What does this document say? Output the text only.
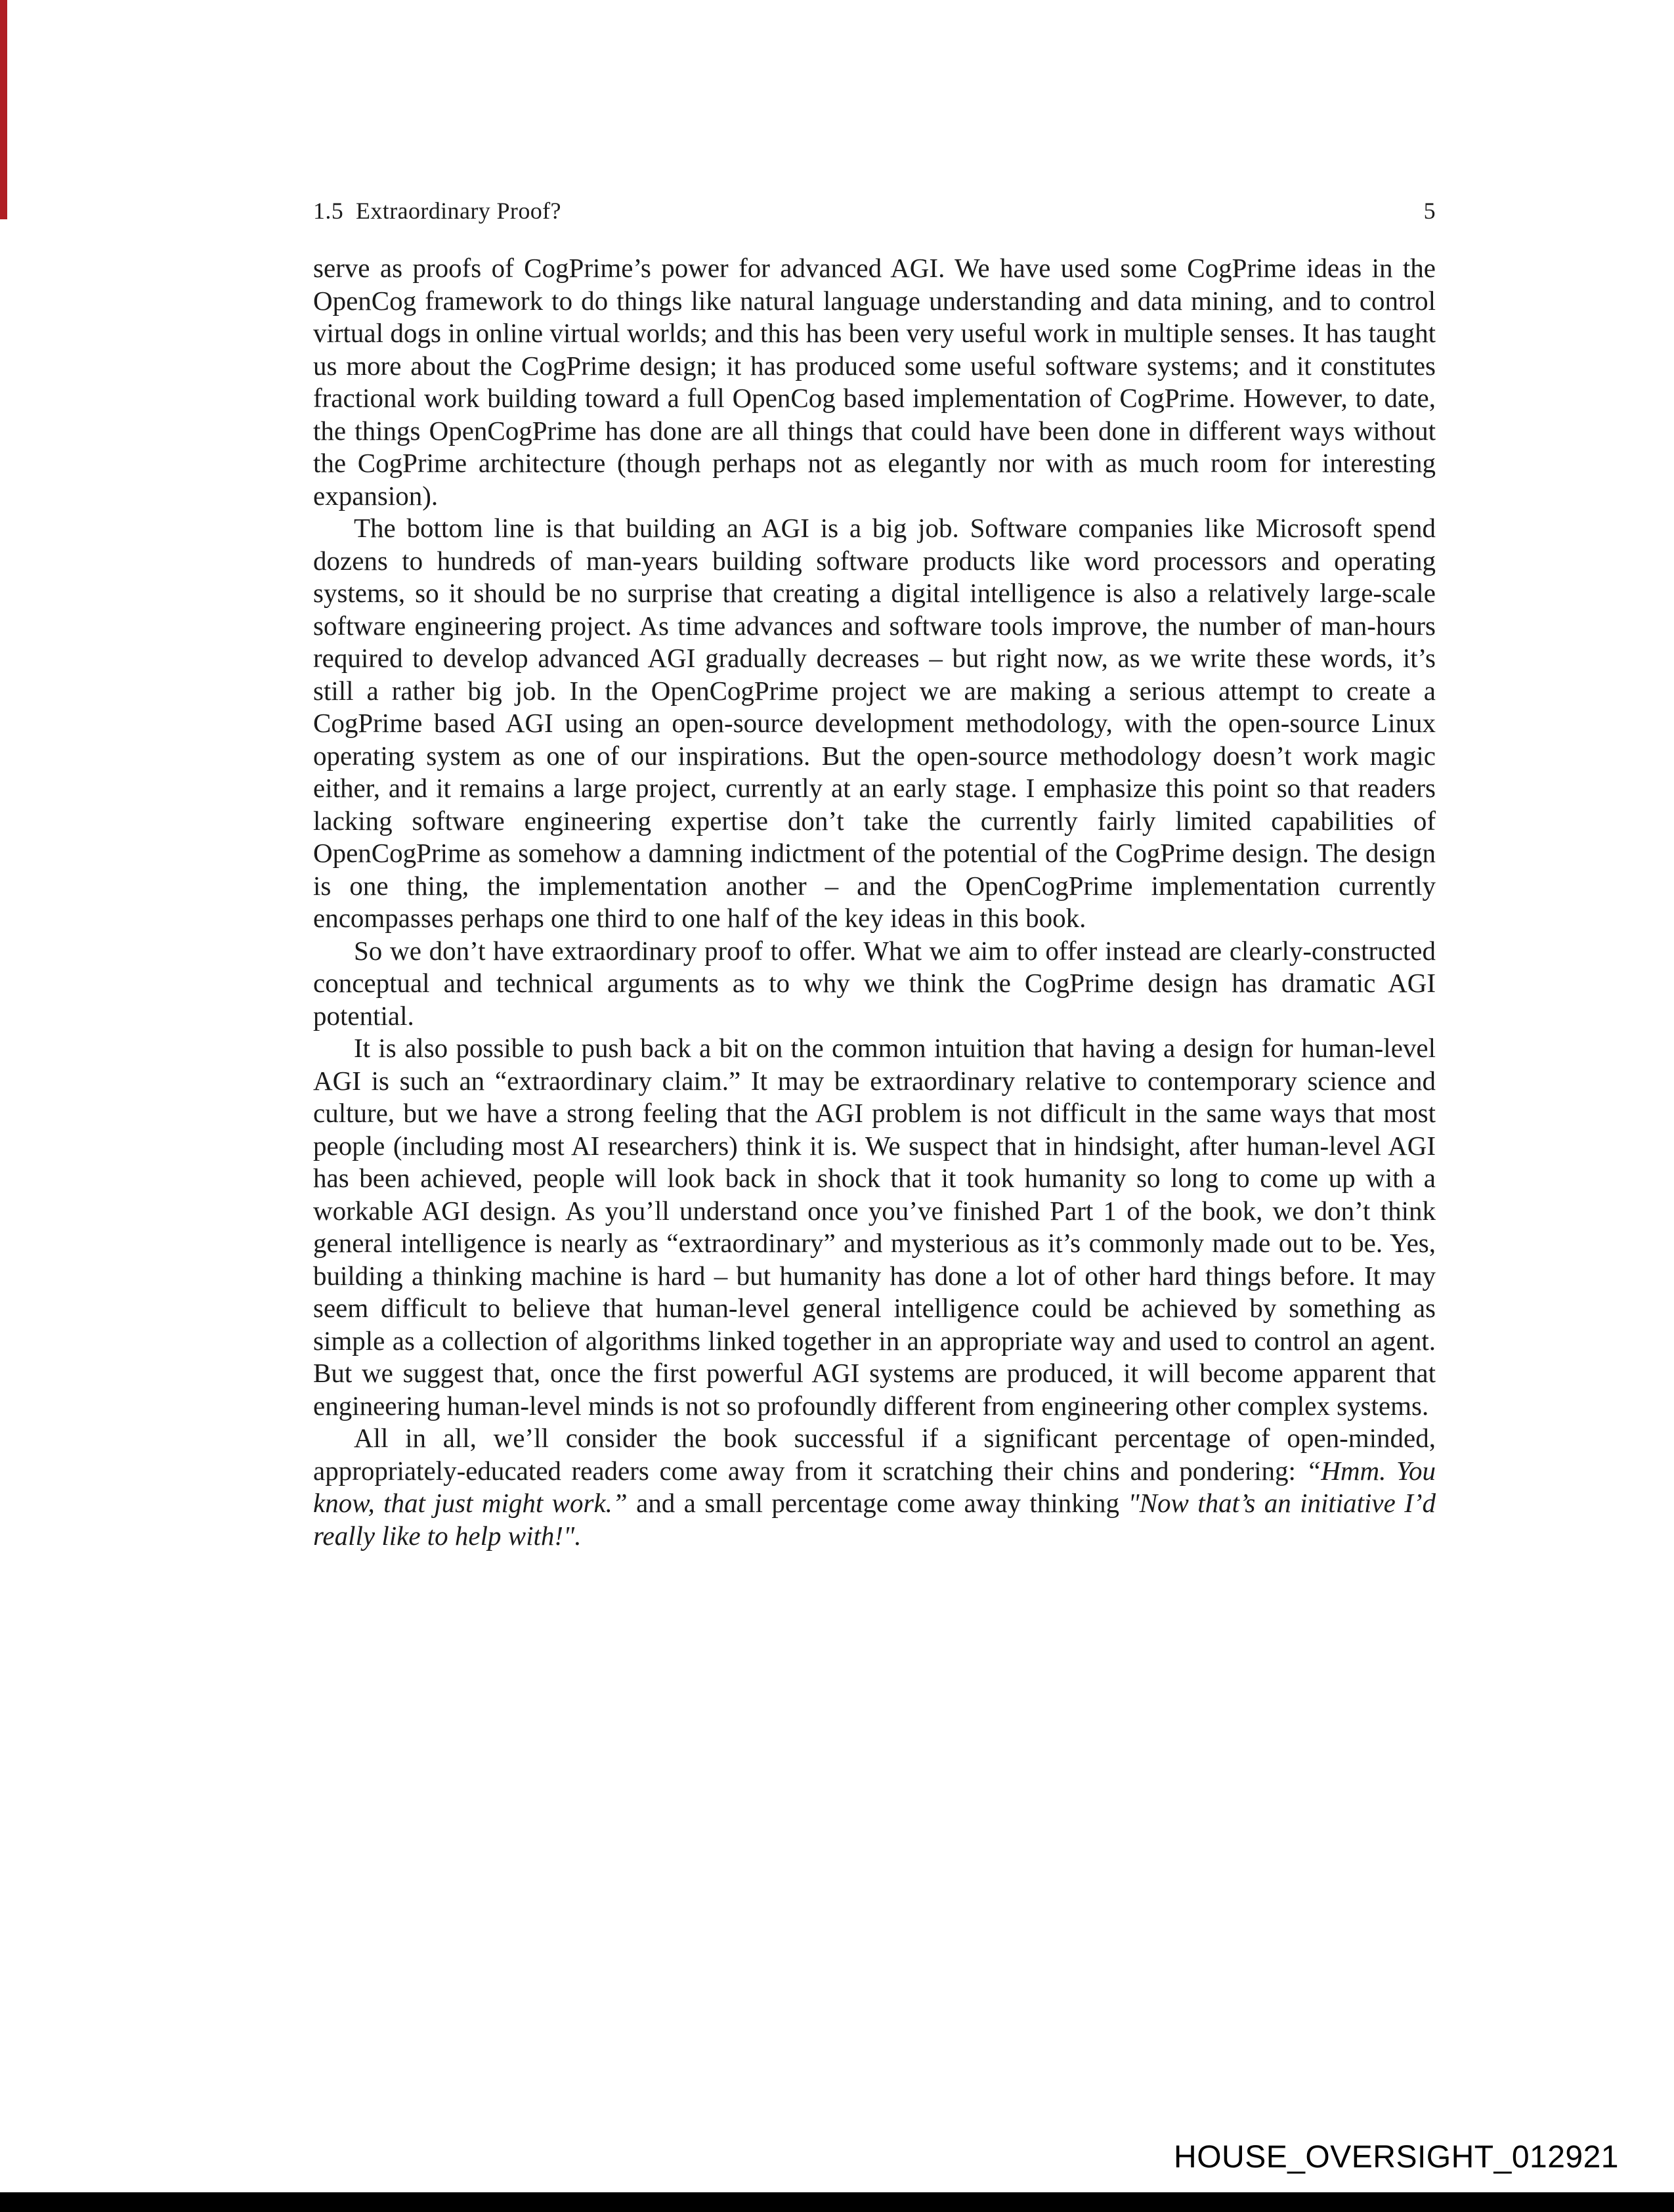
1.5  Extraordinary Proof?	5

serve as proofs of CogPrime’s power for advanced AGI. We have used some CogPrime ideas in the OpenCog framework to do things like natural language understanding and data mining, and to control virtual dogs in online virtual worlds; and this has been very useful work in multiple senses. It has taught us more about the CogPrime design; it has produced some useful software systems; and it constitutes fractional work building toward a full OpenCog based implementation of CogPrime. However, to date, the things OpenCogPrime has done are all things that could have been done in different ways without the CogPrime architecture (though perhaps not as elegantly nor with as much room for interesting expansion).

The bottom line is that building an AGI is a big job. Software companies like Microsoft spend dozens to hundreds of man-years building software products like word processors and operating systems, so it should be no surprise that creating a digital intelligence is also a relatively large-scale software engineering project. As time advances and software tools improve, the number of man-hours required to develop advanced AGI gradually decreases – but right now, as we write these words, it’s still a rather big job. In the OpenCogPrime project we are making a serious attempt to create a CogPrime based AGI using an open-source development methodology, with the open-source Linux operating system as one of our inspirations. But the open-source methodology doesn’t work magic either, and it remains a large project, currently at an early stage. I emphasize this point so that readers lacking software engineering expertise don’t take the currently fairly limited capabilities of OpenCogPrime as somehow a damning indictment of the potential of the CogPrime design. The design is one thing, the implementation another – and the OpenCogPrime implementation currently encompasses perhaps one third to one half of the key ideas in this book.

So we don’t have extraordinary proof to offer. What we aim to offer instead are clearly-constructed conceptual and technical arguments as to why we think the CogPrime design has dramatic AGI potential.

It is also possible to push back a bit on the common intuition that having a design for human-level AGI is such an “extraordinary claim.” It may be extraordinary relative to contemporary science and culture, but we have a strong feeling that the AGI problem is not difficult in the same ways that most people (including most AI researchers) think it is. We suspect that in hindsight, after human-level AGI has been achieved, people will look back in shock that it took humanity so long to come up with a workable AGI design. As you’ll understand once you’ve finished Part 1 of the book, we don’t think general intelligence is nearly as “extraordinary” and mysterious as it’s commonly made out to be. Yes, building a thinking machine is hard – but humanity has done a lot of other hard things before. It may seem difficult to believe that human-level general intelligence could be achieved by something as simple as a collection of algorithms linked together in an appropriate way and used to control an agent. But we suggest that, once the first powerful AGI systems are produced, it will become apparent that engineering human-level minds is not so profoundly different from engineering other complex systems.

All in all, we’ll consider the book successful if a significant percentage of open-minded, appropriately-educated readers come away from it scratching their chins and pondering: “Hmm. You know, that just might work.” and a small percentage come away thinking "Now that’s an initiative I’d really like to help with!".

HOUSE_OVERSIGHT_012921
